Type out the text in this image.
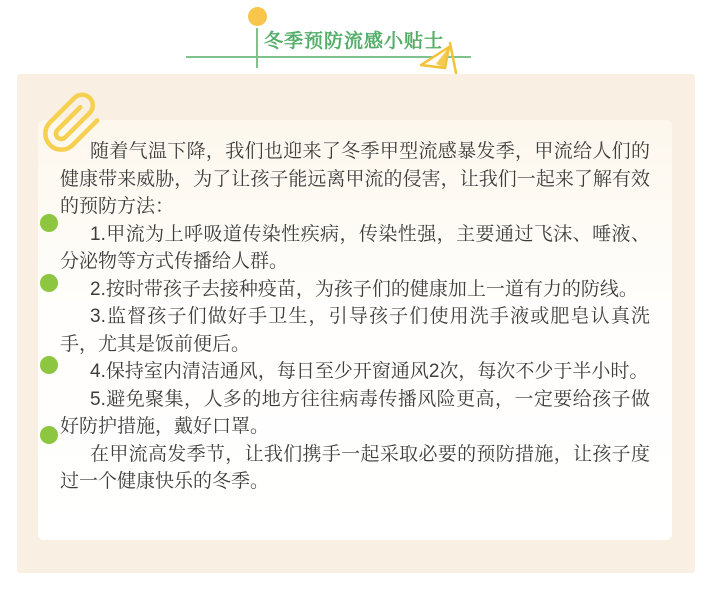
冬季预防流感小贴士

随着气温下降，我们也迎来了冬季甲型流感暴发季，甲流给人们的健康带来威胁，为了让孩子能远离甲流的侵害，让我们一起来了解有效的预防方法：

1.甲流为上呼吸道传染性疾病，传染性强，主要通过飞沫、唾液、分泌物等方式传播给人群。

2.按时带孩子去接种疫苗，为孩子们的健康加上一道有力的防线。

3.监督孩子们做好手卫生，引导孩子们使用洗手液或肥皂认真洗手，尤其是饭前便后。

4.保持室内清洁通风，每日至少开窗通风2次，每次不少于半小时。

5.避免聚集，人多的地方往往病毒传播风险更高，一定要给孩子做好防护措施，戴好口罩。

在甲流高发季节，让我们携手一起采取必要的预防措施，让孩子度过一个健康快乐的冬季。
